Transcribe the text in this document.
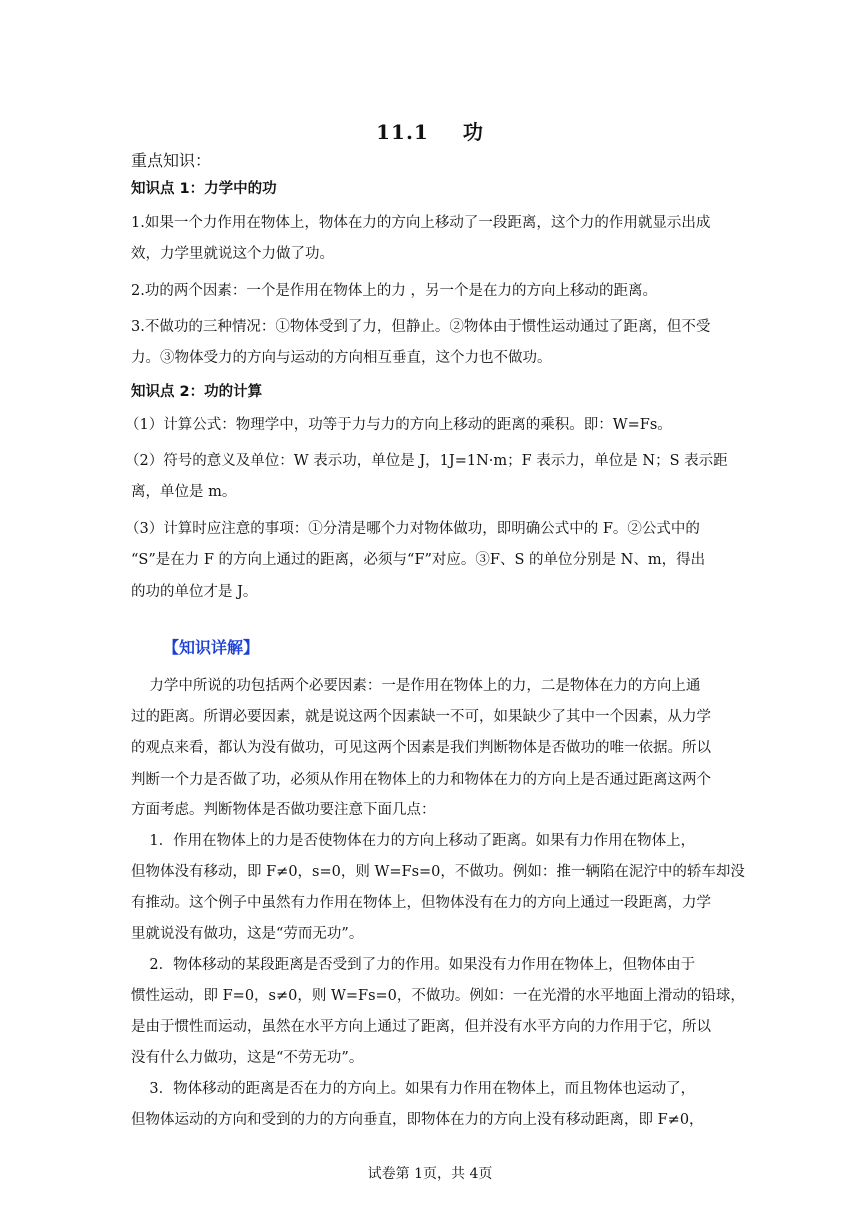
11.1 功
重点知识：
知识点 1：力学中的功
1.如果一个力作用在物体上，物体在力的方向上移动了一段距离，这个力的作用就显示出成
效，力学里就说这个力做了功。
2.功的两个因素：一个是作用在物体上的力 ，另一个是在力的方向上移动的距离。
3.不做功的三种情况：①物体受到了力，但静止。②物体由于惯性运动通过了距离，但不受
力。③物体受力的方向与运动的方向相互垂直，这个力也不做功。
知识点 2：功的计算
（1）计算公式：物理学中，功等于力与力的方向上移动的距离的乘积。即：W=Fs。
（2）符号的意义及单位：W 表示功，单位是 J，1J=1N·m；F 表示力，单位是 N；S 表示距
离，单位是 m。
（3）计算时应注意的事项：①分清是哪个力对物体做功，即明确公式中的 F。②公式中的
“S”是在力 F 的方向上通过的距离，必须与“F”对应。③F、S 的单位分别是 N、m，得出
的功的单位才是 J。
【知识详解】
力学中所说的功包括两个必要因素：一是作用在物体上的力，二是物体在力的方向上通
过的距离。所谓必要因素，就是说这两个因素缺一不可，如果缺少了其中一个因素，从力学
的观点来看，都认为没有做功，可见这两个因素是我们判断物体是否做功的唯一依据。所以
判断一个力是否做了功，必须从作用在物体上的力和物体在力的方向上是否通过距离这两个
方面考虑。判断物体是否做功要注意下面几点：
1．作用在物体上的力是否使物体在力的方向上移动了距离。如果有力作用在物体上，
但物体没有移动，即 F≠0，s=0，则 W=Fs=0，不做功。例如：推一辆陷在泥泞中的轿车却没
有推动。这个例子中虽然有力作用在物体上，但物体没有在力的方向上通过一段距离，力学
里就说没有做功，这是“劳而无功”。
2．物体移动的某段距离是否受到了力的作用。如果没有力作用在物体上，但物体由于
惯性运动，即 F=0，s≠0，则 W=Fs=0，不做功。例如：一在光滑的水平地面上滑动的铅球，
是由于惯性而运动，虽然在水平方向上通过了距离，但并没有水平方向的力作用于它，所以
没有什么力做功，这是“不劳无功”。
3．物体移动的距离是否在力的方向上。如果有力作用在物体上，而且物体也运动了，
但物体运动的方向和受到的力的方向垂直，即物体在力的方向上没有移动距离，即 F≠0，
试卷第 1页，共 4页
